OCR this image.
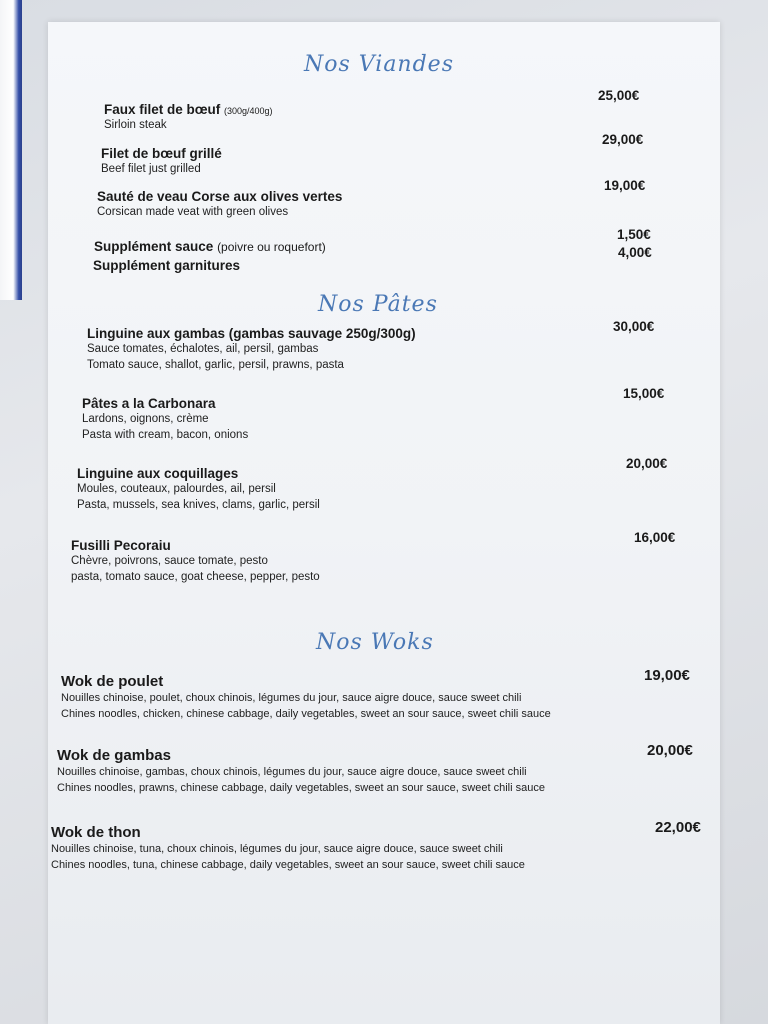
Nos Viandes
Faux filet de bœuf (300g/400g)
Sirloin steak
25,00€
Filet de bœuf grillé
Beef filet just grilled
29,00€
Sauté de veau Corse aux olives vertes
Corsican made veat with green olives
19,00€
Supplément sauce (poivre ou roquefort)
1,50€
Supplément garnitures
4,00€
Nos Pâtes
Linguine aux gambas (gambas sauvage 250g/300g)
Sauce tomates, échalotes, ail, persil, gambas
Tomato sauce, shallot, garlic, persil, prawns, pasta
30,00€
Pâtes a la Carbonara
Lardons, oignons, crème
Pasta with cream, bacon, onions
15,00€
Linguine aux coquillages
Moules, couteaux, palourdes, ail, persil
Pasta, mussels, sea knives, clams, garlic, persil
20,00€
Fusilli Pecoraiu
Chèvre, poivrons, sauce tomate, pesto
pasta, tomato sauce, goat cheese, pepper, pesto
16,00€
Nos Woks
Wok de poulet
Nouilles chinoise, poulet, choux chinois, légumes du jour, sauce aigre douce, sauce sweet chili
Chines noodles, chicken, chinese cabbage, daily vegetables, sweet an sour sauce, sweet chili sauce
19,00€
Wok de gambas
Nouilles chinoise, gambas, choux chinois, légumes du jour, sauce aigre douce, sauce sweet chili
Chines noodles, prawns, chinese cabbage, daily vegetables, sweet an sour sauce, sweet chili sauce
20,00€
Wok de thon
Nouilles chinoise, tuna, choux chinois, légumes du jour, sauce aigre douce, sauce sweet chili
Chines noodles, tuna, chinese cabbage, daily vegetables, sweet an sour sauce, sweet chili sauce
22,00€
